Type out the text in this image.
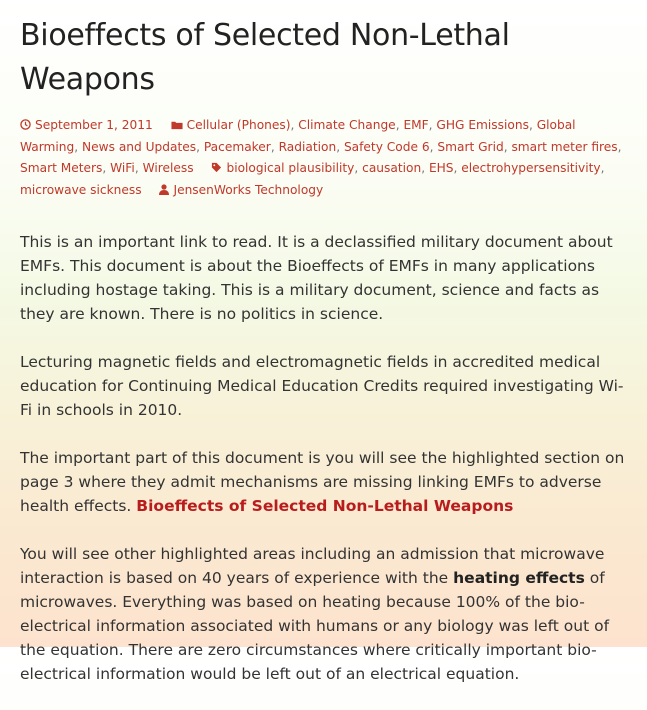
Bioeffects of Selected Non-Lethal Weapons
September 1, 2011	Cellular (Phones), Climate Change, EMF, GHG Emissions, Global Warming, News and Updates, Pacemaker, Radiation, Safety Code 6, Smart Grid, smart meter fires, Smart Meters, WiFi, Wireless	biological plausibility, causation, EHS, electrohypersensitivity, microwave sickness	JensenWorks Technology

This is an important link to read. It is a declassified military document about EMFs. This document is about the Bioeffects of EMFs in many applications including hostage taking. This is a military document, science and facts as they are known. There is no politics in science.

Lecturing magnetic fields and electromagnetic fields in accredited medical education for Continuing Medical Education Credits required investigating Wi-Fi in schools in 2010.

The important part of this document is you will see the highlighted section on page 3 where they admit mechanisms are missing linking EMFs to adverse health effects. Bioeffects of Selected Non-Lethal Weapons

You will see other highlighted areas including an admission that microwave interaction is based on 40 years of experience with the heating effects of microwaves. Everything was based on heating because 100% of the bio-electrical information associated with humans or any biology was left out of the equation. There are zero circumstances where critically important bio-electrical information would be left out of an electrical equation.
